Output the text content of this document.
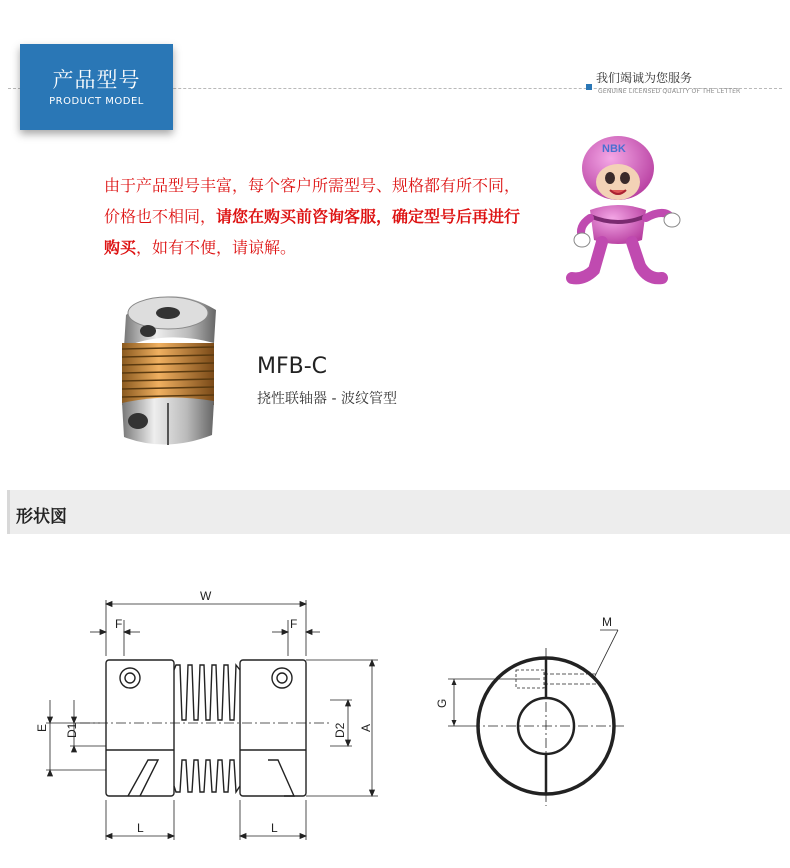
产品型号
PRODUCT MODEL
我们竭诚为您服务
GENUINE LICENSED QUALITY OF THE LETTER
由于产品型号丰富，每个客户所需型号、规格都有所不同，价格也不相同，请您在购买前咨询客服，确定型号后再进行购买，如有不便，请谅解。
NBK
MFB-C
挠性联轴器 - 波纹管型
形状図
W
F	F
L	L
E D1	D2 A
M
G
